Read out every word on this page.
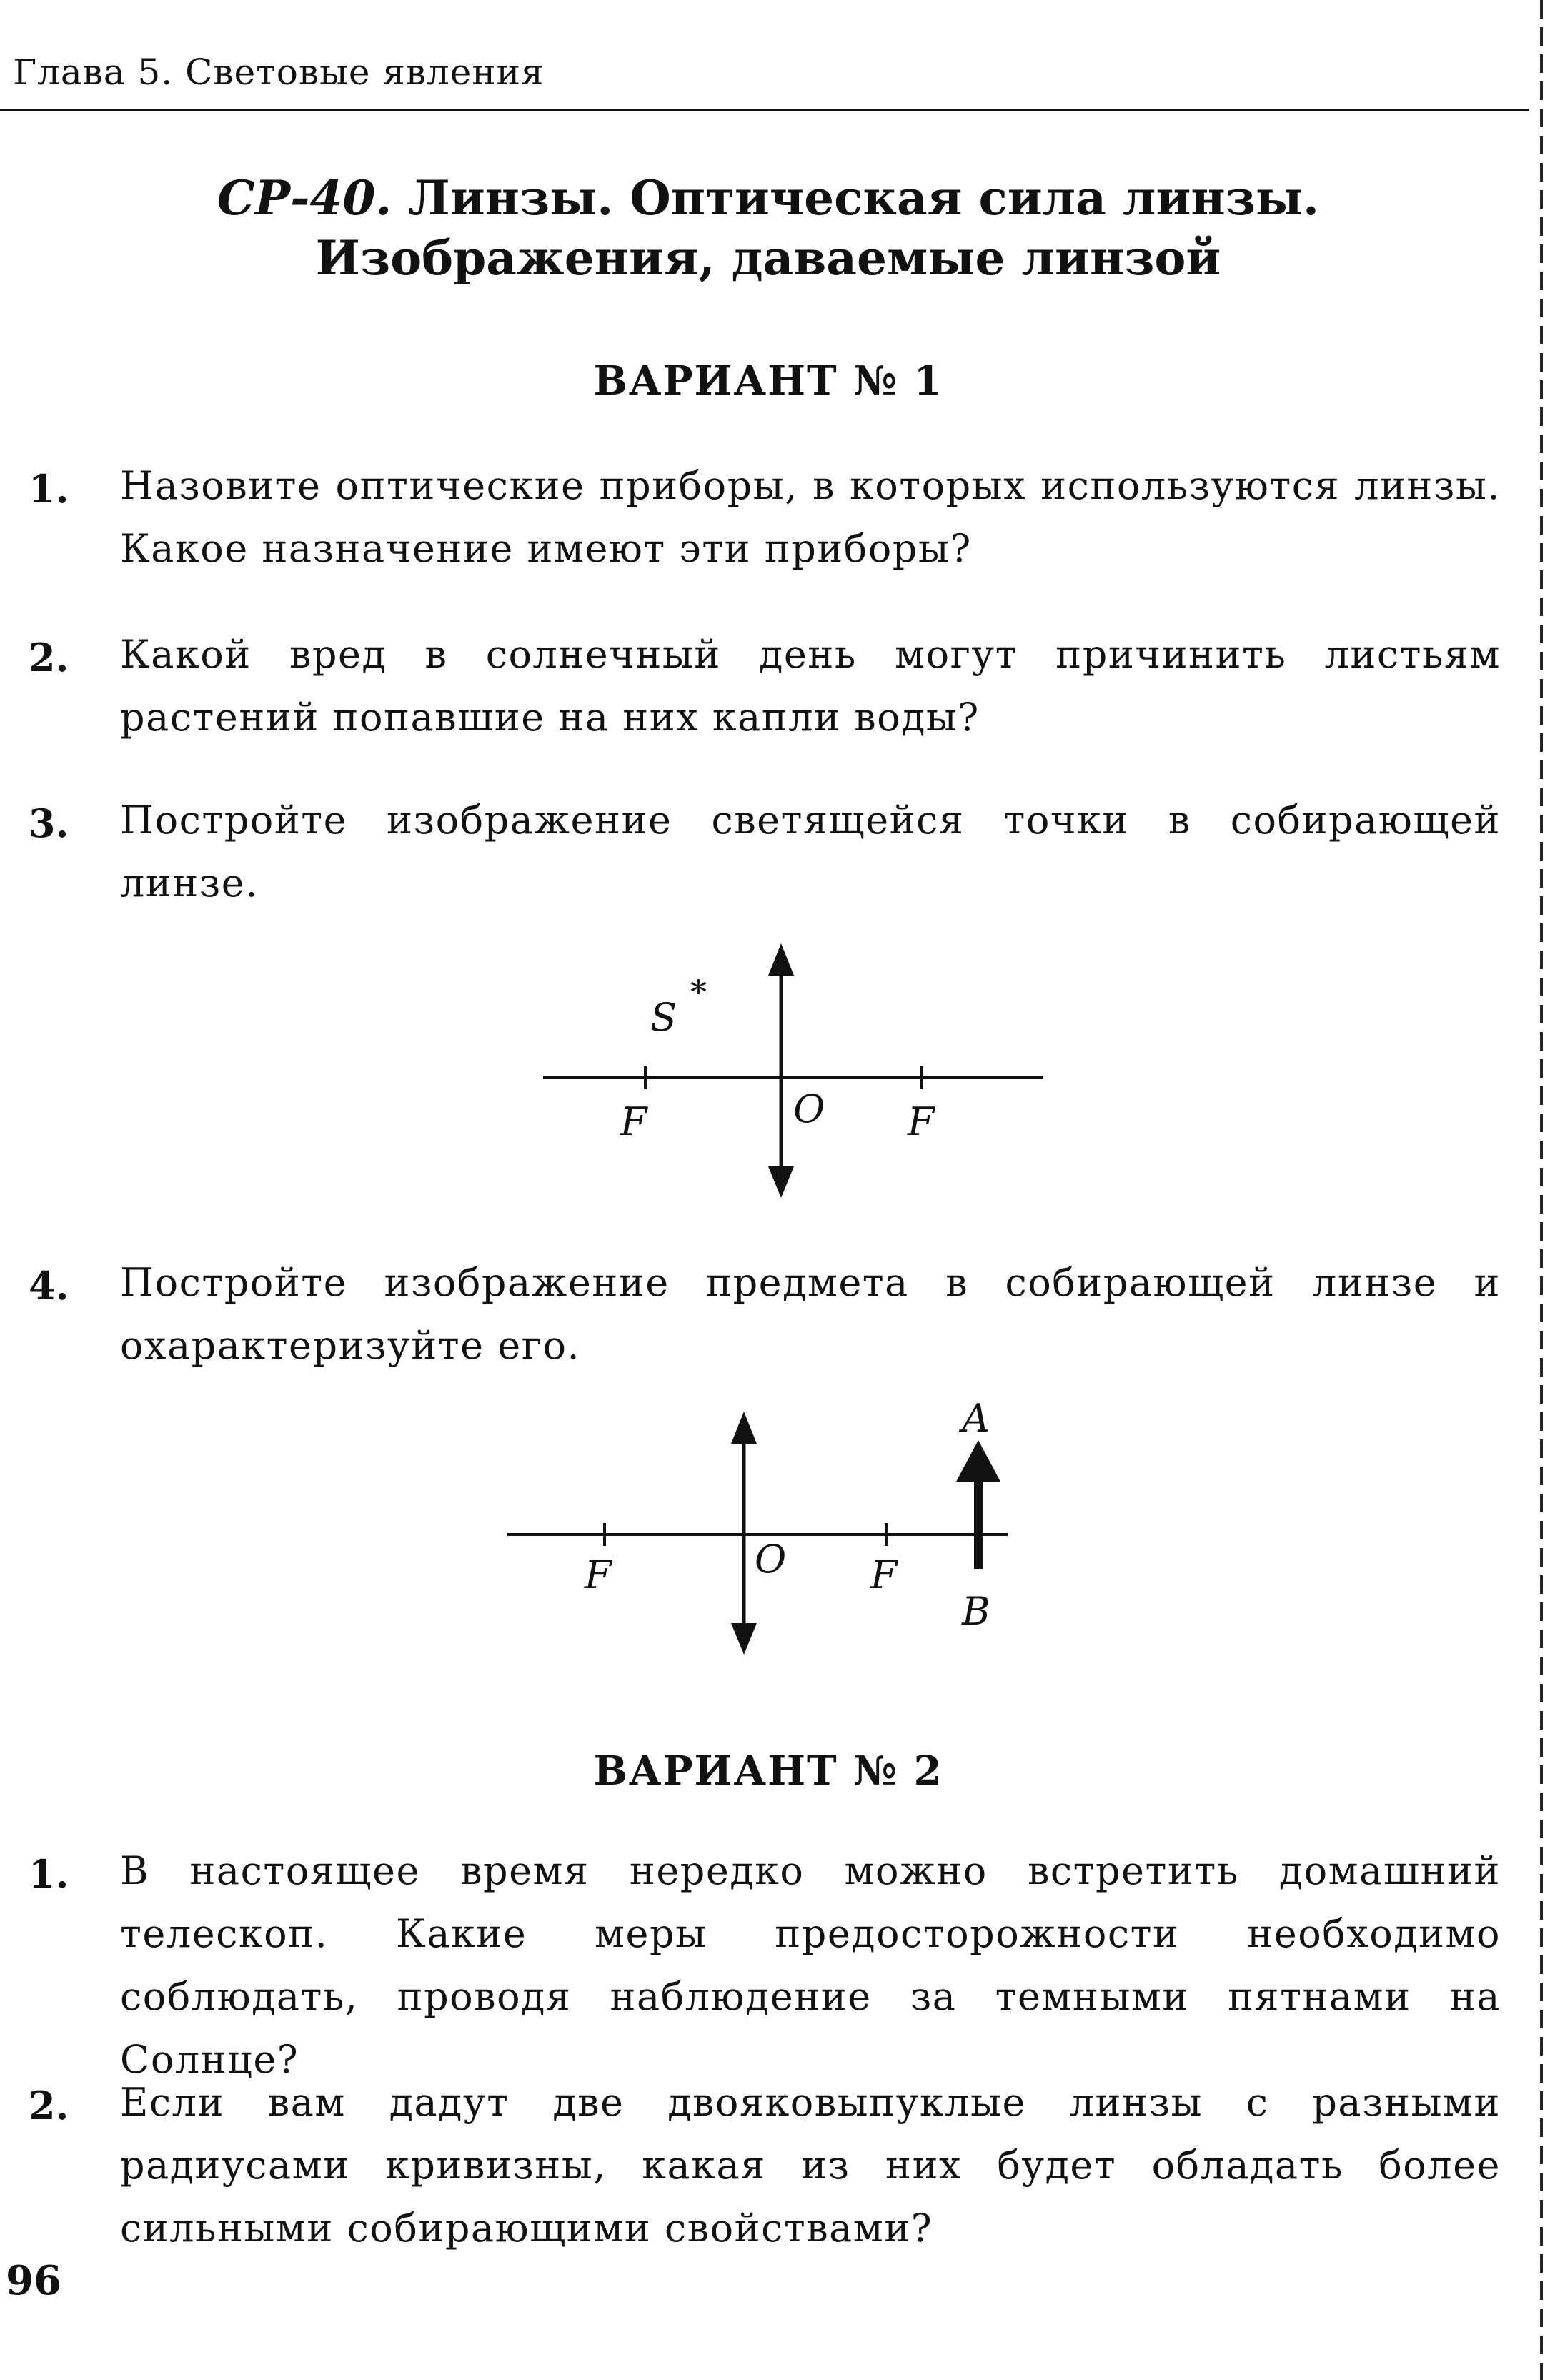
Глава 5. Световые явления
СР-40. Линзы. Оптическая сила линзы.
Изображения, даваемые линзой
ВАРИАНТ № 1
1. Назовите оптические приборы, в которых используются линзы. Какое назначение имеют эти приборы?
2. Какой вред в солнечный день могут причинить листьям растений попавшие на них капли воды?
3. Постройте изображение светящейся точки в собирающей линзе.
S
*
F	O F
4. Постройте изображение предмета в собирающей линзе и охарактеризуйте его.
F	O F
A
B
ВАРИАНТ № 2
1. В настоящее время нередко можно встретить домашний телескоп. Какие меры предосторожности необходимо соблюдать, проводя наблюдение за темными пятнами на Солнце?
2. Если вам дадут две двояковыпуклые линзы с разными радиусами кривизны, какая из них будет обладать более сильными собирающими свойствами?
96
